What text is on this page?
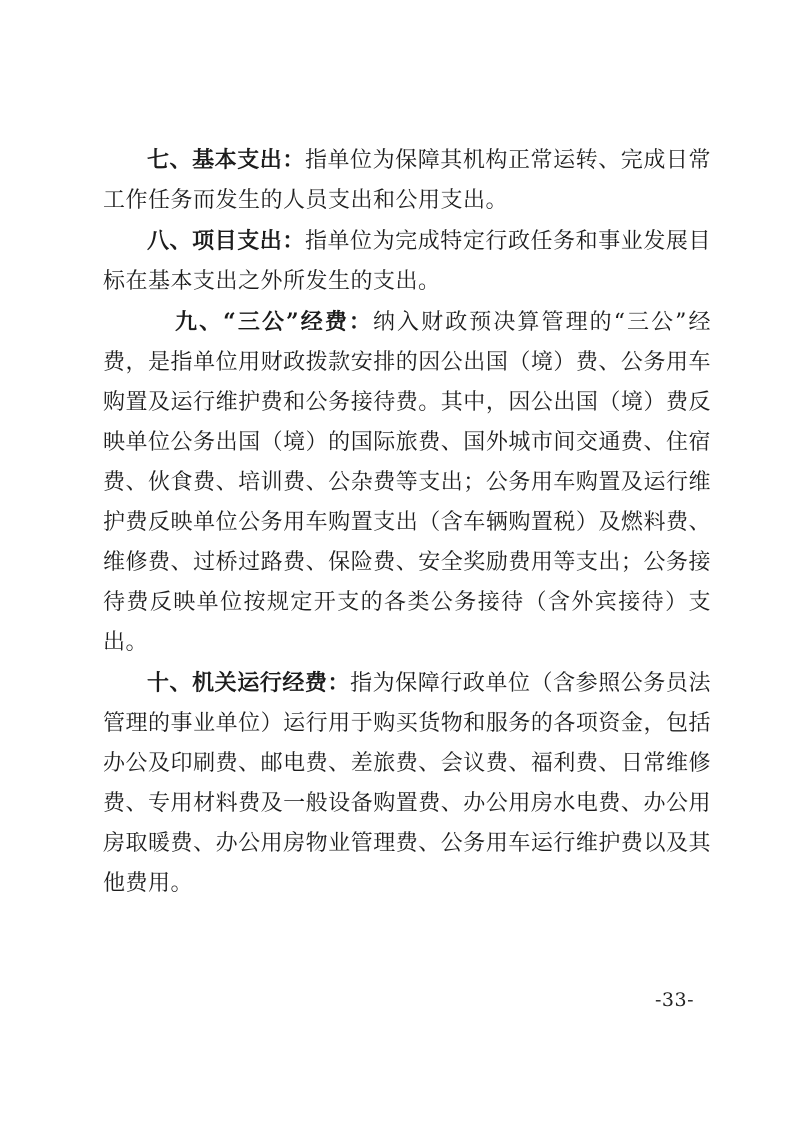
七、基本支出：指单位为保障其机构正常运转、完成日常工作任务而发生的人员支出和公用支出。

八、项目支出：指单位为完成特定行政任务和事业发展目标在基本支出之外所发生的支出。

九、“三公”经费：纳入财政预决算管理的“三公”经费，是指单位用财政拨款安排的因公出国（境）费、公务用车购置及运行维护费和公务接待费。其中，因公出国（境）费反映单位公务出国（境）的国际旅费、国外城市间交通费、住宿费、伙食费、培训费、公杂费等支出；公务用车购置及运行维护费反映单位公务用车购置支出（含车辆购置税）及燃料费、维修费、过桥过路费、保险费、安全奖励费用等支出；公务接待费反映单位按规定开支的各类公务接待（含外宾接待）支出。

十、机关运行经费：指为保障行政单位（含参照公务员法管理的事业单位）运行用于购买货物和服务的各项资金，包括办公及印刷费、邮电费、差旅费、会议费、福利费、日常维修费、专用材料费及一般设备购置费、办公用房水电费、办公用房取暖费、办公用房物业管理费、公务用车运行维护费以及其他费用。

-33-
